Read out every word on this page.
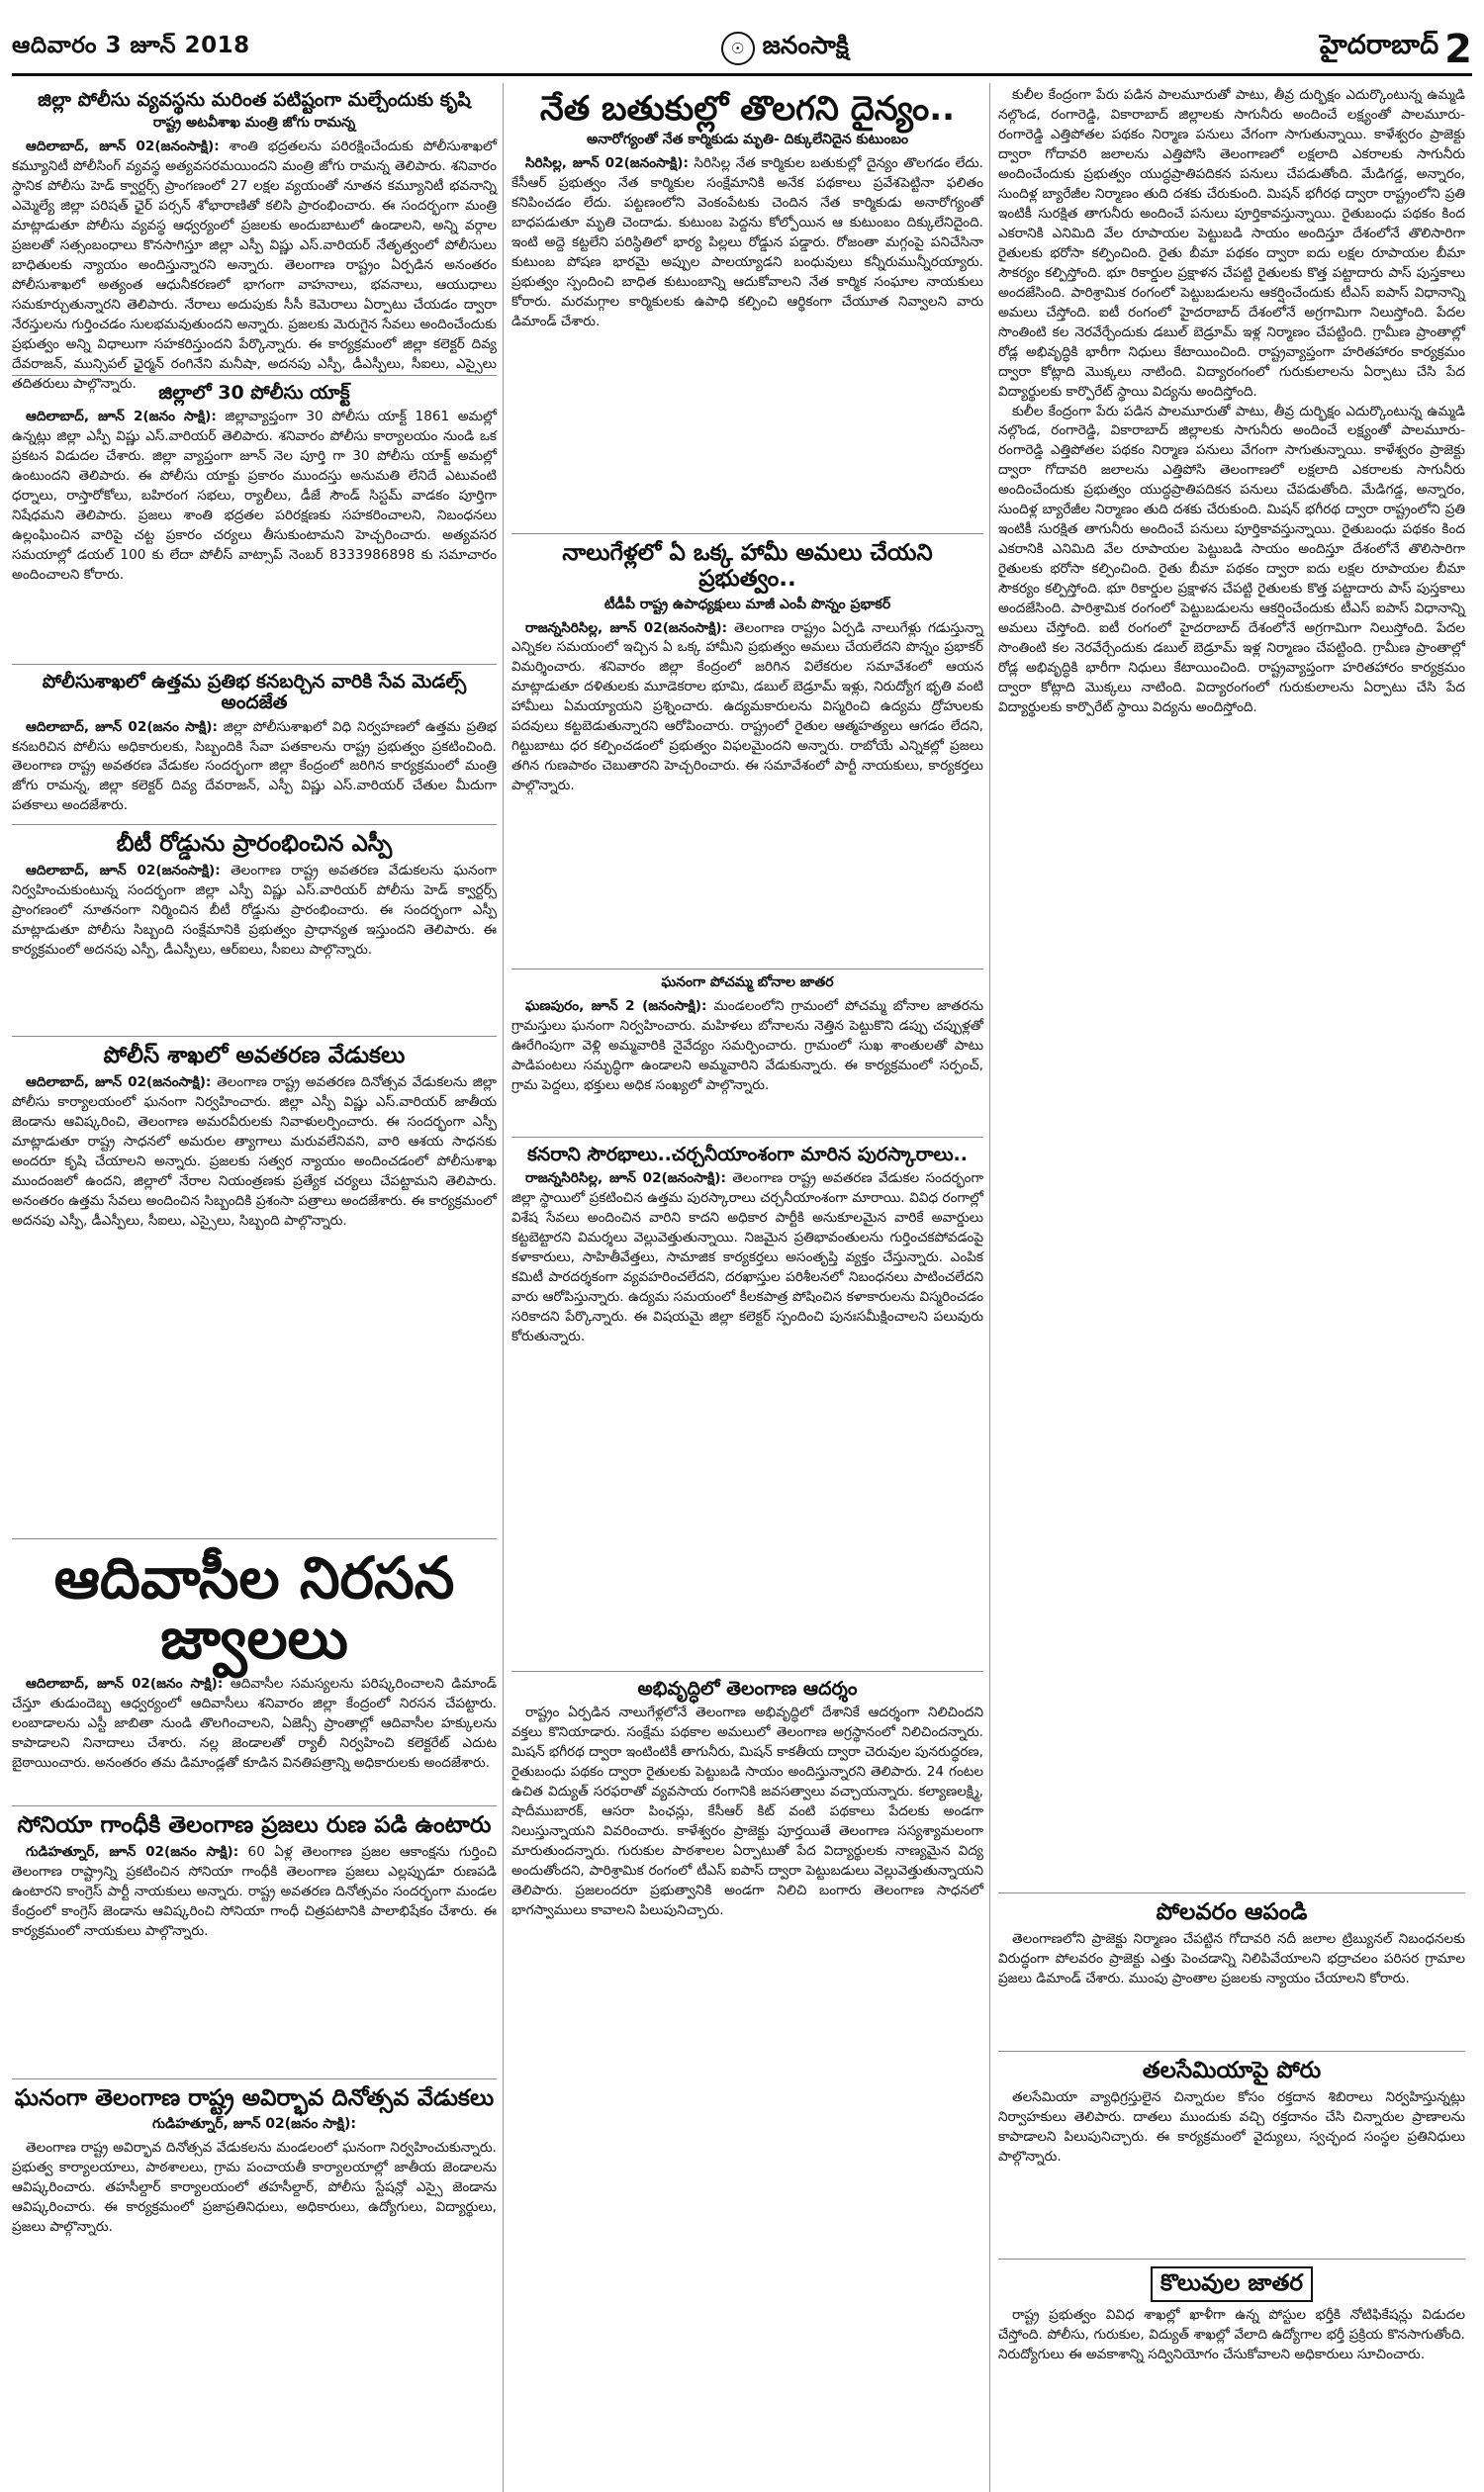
ఆదివారం 3 జూన్ 2018	☉ జనంసాక్షి	హైదరాబాద్ 2
జిల్లా పోలీసు వ్యవస్థను మరింత పటిష్టంగా మల్చేందుకు కృషి
రాష్ట్ర అటవీశాఖ మంత్రి జోగు రామన్న

ఆదిలాబాద్, జూన్ 02(జనంసాక్షి): శాంతి భద్రతలను పరిరక్షించేందుకు పోలీసుశాఖలో కమ్యూనిటీ పోలీసింగ్ వ్యవస్థ అత్యవసరమయిందని మంత్రి జోగు రామన్న తెలిపారు. శనివారం స్థానిక పోలీసు హెడ్ క్వార్టర్స్ ప్రాంగణంలో 27 లక్షల వ్యయంతో నూతన కమ్యూనిటీ భవనాన్ని ఎమ్మెల్యే జిల్లా పరిషత్ ఛైర్ పర్సన్ శోభారాణితో కలిసి ప్రారంభించారు. ఈ సందర్భంగా మంత్రి మాట్లాడుతూ పోలీసు వ్యవస్థ ఆధ్వర్యంలో ప్రజలకు అందుబాటులో ఉండాలని, అన్ని వర్గాల ప్రజలతో సత్సంబంధాలు కొనసాగిస్తూ జిల్లా ఎస్పీ విష్ణు ఎస్.వారియర్ నేతృత్వంలో పోలీసులు బాధితులకు న్యాయం అందిస్తున్నారని అన్నారు. తెలంగాణ రాష్ట్రం ఏర్పడిన అనంతరం పోలీసుశాఖలో అత్యంత ఆధునీకరణలో భాగంగా వాహనాలు, భవనాలు, ఆయుధాలు సమకూర్చుతున్నారని తెలిపారు. నేరాలు అదుపుకు సీసీ కెమెరాలు ఏర్పాటు చేయడం ద్వారా నేరస్తులను గుర్తించడం సులభమవుతుందని అన్నారు. ప్రజలకు మెరుగైన సేవలు అందించేందుకు ప్రభుత్వం అన్ని విధాలుగా సహకరిస్తుందని పేర్కొన్నారు. ఈ కార్యక్రమంలో జిల్లా కలెక్టర్ దివ్య దేవరాజన్, మున్సిపల్ ఛైర్మన్ రంగినేని మనీషా, అదనపు ఎస్పీ, డీఎస్పీలు, సీఐలు, ఎస్సైలు తదితరులు పాల్గొన్నారు.	జిల్లాలో 30 పోలీసు యాక్ట్

ఆదిలాబాద్, జూన్ 2(జనం సాక్షి): జిల్లావ్యాప్తంగా 30 పోలీసు యాక్ట్ 1861 అమల్లో ఉన్నట్లు జిల్లా ఎస్పీ విష్ణు ఎస్.వారియర్ తెలిపారు. శనివారం పోలీసు కార్యాలయం నుండి ఒక ప్రకటన విడుదల చేశారు. జిల్లా వ్యాప్తంగా జూన్ నెల పూర్తి గా 30 పోలీసు యాక్ట్ అమల్లో ఉంటుందని తెలిపారు. ఈ పోలీసు యాక్టు ప్రకారం ముందస్తు అనుమతి లేనిదే ఎటువంటి ధర్నాలు, రాస్తారోకోలు, బహిరంగ సభలు, ర్యాలీలు, డీజే సౌండ్ సిస్టమ్ వాడకం పూర్తిగా నిషేధమని తెలిపారు. ప్రజలు శాంతి భద్రతల పరిరక్షణకు సహకరించాలని, నిబంధనలు ఉల్లంఘించిన వారిపై చట్ట ప్రకారం చర్యలు తీసుకుంటామని హెచ్చరించారు. అత్యవసర సమయాల్లో డయల్ 100 కు లేదా పోలీస్ వాట్సాప్ నెంబర్ 8333986898 కు సమాచారం అందించాలని కోరారు.

పోలీసుశాఖలో ఉత్తమ ప్రతిభ కనబర్చిన వారికి సేవ మెడల్స్ అందజేత

ఆదిలాబాద్, జూన్ 02(జనం సాక్షి): జిల్లా పోలీసుశాఖలో విధి నిర్వహణలో ఉత్తమ ప్రతిభ కనబరిచిన పోలీసు అధికారులకు, సిబ్బందికి సేవా పతకాలను రాష్ట్ర ప్రభుత్వం ప్రకటించింది. తెలంగాణ రాష్ట్ర అవతరణ వేడుకల సందర్భంగా జిల్లా కేంద్రంలో జరిగిన కార్యక్రమంలో మంత్రి జోగు రామన్న, జిల్లా కలెక్టర్ దివ్య దేవరాజన్, ఎస్పీ విష్ణు ఎస్.వారియర్ చేతుల మీదుగా పతకాలు అందజేశారు.

బీటీ రోడ్డును ప్రారంభించిన ఎస్పీ

ఆదిలాబాద్, జూన్ 02(జనంసాక్షి): తెలంగాణ రాష్ట్ర అవతరణ వేడుకలను ఘనంగా నిర్వహించుకుంటున్న సందర్భంగా జిల్లా ఎస్పీ విష్ణు ఎస్.వారియర్ పోలీసు హెడ్ క్వార్టర్స్ ప్రాంగణంలో నూతనంగా నిర్మించిన బీటీ రోడ్డును ప్రారంభించారు. ఈ సందర్భంగా ఎస్పీ మాట్లాడుతూ పోలీసు సిబ్బంది సంక్షేమానికి ప్రభుత్వం ప్రాధాన్యత ఇస్తుందని తెలిపారు. ఈ కార్యక్రమంలో అదనపు ఎస్పీ, డీఎస్పీలు, ఆర్ఐలు, సీఐలు పాల్గొన్నారు.

పోలీస్ శాఖలో అవతరణ వేడుకలు

ఆదిలాబాద్, జూన్ 02(జనంసాక్షి): తెలంగాణ రాష్ట్ర అవతరణ దినోత్సవ వేడుకలను జిల్లా పోలీసు కార్యాలయంలో ఘనంగా నిర్వహించారు. జిల్లా ఎస్పీ విష్ణు ఎస్.వారియర్ జాతీయ జెండాను ఆవిష్కరించి, తెలంగాణ అమరవీరులకు నివాళులర్పించారు. ఈ సందర్భంగా ఎస్పీ మాట్లాడుతూ రాష్ట్ర సాధనలో అమరుల త్యాగాలు మరువలేనివని, వారి ఆశయ సాధనకు అందరూ కృషి చేయాలని అన్నారు. ప్రజలకు సత్వర న్యాయం అందించడంలో పోలీసుశాఖ ముందంజలో ఉందని, జిల్లాలో నేరాల నియంత్రణకు ప్రత్యేక చర్యలు చేపట్టామని తెలిపారు. అనంతరం ఉత్తమ సేవలు అందించిన సిబ్బందికి ప్రశంసా పత్రాలు అందజేశారు. ఈ కార్యక్రమంలో అదనపు ఎస్పీ, డీఎస్పీలు, సీఐలు, ఎస్సైలు, సిబ్బంది పాల్గొన్నారు.

ఆదివాసీల నిరసన జ్వాలలు

ఆదిలాబాద్, జూన్ 02(జనం సాక్షి): ఆదివాసీల సమస్యలను పరిష్కరించాలని డిమాండ్ చేస్తూ తుడుందెబ్బ ఆధ్వర్యంలో ఆదివాసీలు శనివారం జిల్లా కేంద్రంలో నిరసన చేపట్టారు. లంబాడాలను ఎస్టీ జాబితా నుండి తొలగించాలని, ఏజెన్సీ ప్రాంతాల్లో ఆదివాసీల హక్కులను కాపాడాలని నినాదాలు చేశారు. నల్ల జెండాలతో ర్యాలీ నిర్వహించి కలెక్టరేట్ ఎదుట బైఠాయించారు. అనంతరం తమ డిమాండ్లతో కూడిన వినతిపత్రాన్ని అధికారులకు అందజేశారు.

సోనియా గాంధీకి తెలంగాణ ప్రజలు రుణ పడి ఉంటారు

గుడిహత్నూర్, జూన్ 02(జనం సాక్షి): 60 ఏళ్ల తెలంగాణ ప్రజల ఆకాంక్షను గుర్తించి తెలంగాణ రాష్ట్రాన్ని ప్రకటించిన సోనియా గాంధీకి తెలంగాణ ప్రజలు ఎల్లప్పుడూ రుణపడి ఉంటారని కాంగ్రెస్ పార్టీ నాయకులు అన్నారు. రాష్ట్ర అవతరణ దినోత్సవం సందర్భంగా మండల కేంద్రంలో కాంగ్రెస్ జెండాను ఆవిష్కరించి సోనియా గాంధీ చిత్రపటానికి పాలాభిషేకం చేశారు. ఈ కార్యక్రమంలో నాయకులు పాల్గొన్నారు.

ఘనంగా తెలంగాణ రాష్ట్ర అవిర్భావ దినోత్సవ వేడుకలు
గుడిహత్నూర్, జూన్ 02(జనం సాక్షి):

తెలంగాణ రాష్ట్ర అవిర్భావ దినోత్సవ వేడుకలను మండలంలో ఘనంగా నిర్వహించుకున్నారు. ప్రభుత్వ కార్యాలయాలు, పాఠశాలలు, గ్రామ పంచాయతీ కార్యాలయాల్లో జాతీయ జెండాలను ఆవిష్కరించారు. తహసీల్దార్ కార్యాలయంలో తహసీల్దార్, పోలీసు స్టేషన్లో ఎస్సై జెండాను ఆవిష్కరించారు. ఈ కార్యక్రమంలో ప్రజాప్రతినిధులు, అధికారులు, ఉద్యోగులు, విద్యార్థులు, ప్రజలు పాల్గొన్నారు.

నేత బతుకుల్లో తొలగని దైన్యం..
అనారోగ్యంతో నేత కార్మికుడు మృతి- దిక్కులేనిదైన కుటుంబం

సిరిసిల్ల, జూన్ 02(జనంసాక్షి): సిరిసిల్ల నేత కార్మికుల బతుకుల్లో దైన్యం తొలగడం లేదు. కేసీఆర్ ప్రభుత్వం నేత కార్మికుల సంక్షేమానికి అనేక పథకాలు ప్రవేశపెట్టినా ఫలితం కనిపించడం లేదు. పట్టణంలోని వెంకంపేటకు చెందిన నేత కార్మికుడు అనారోగ్యంతో బాధపడుతూ మృతి చెందాడు. కుటుంబ పెద్దను కోల్పోయిన ఆ కుటుంబం దిక్కులేనిదైంది. ఇంటి అద్దె కట్టలేని పరిస్థితిలో భార్య పిల్లలు రోడ్డున పడ్డారు. రోజంతా మగ్గంపై పనిచేసినా కుటుంబ పోషణ భారమై అప్పుల పాలయ్యాడని బంధువులు కన్నీరుమున్నీరయ్యారు. ప్రభుత్వం స్పందించి బాధిత కుటుంబాన్ని ఆదుకోవాలని నేత కార్మిక సంఘాల నాయకులు కోరారు. మరమగ్గాల కార్మికులకు ఉపాధి కల్పించి ఆర్థికంగా చేయూత నివ్వాలని వారు డిమాండ్ చేశారు.

నాలుగేళ్లలో ఏ ఒక్క హామీ అమలు చేయని ప్రభుత్వం..
టీడీపీ రాష్ట్ర ఉపాధ్యక్షులు మాజీ ఎంపీ పొన్నం ప్రభాకర్

రాజన్నసిరిసిల్ల, జూన్ 02(జనంసాక్షి): తెలంగాణ రాష్ట్రం ఏర్పడి నాలుగేళ్లు గడుస్తున్నా ఎన్నికల సమయంలో ఇచ్చిన ఏ ఒక్క హామీని ప్రభుత్వం అమలు చేయలేదని పొన్నం ప్రభాకర్ విమర్శించారు. శనివారం జిల్లా కేంద్రంలో జరిగిన విలేకరుల సమావేశంలో ఆయన మాట్లాడుతూ దళితులకు మూడెకరాల భూమి, డబుల్ బెడ్రూమ్ ఇళ్లు, నిరుద్యోగ భృతి వంటి హామీలు ఏమయ్యాయని ప్రశ్నించారు. ఉద్యమకారులను విస్మరించి ఉద్యమ ద్రోహులకు పదవులు కట్టబెడుతున్నారని ఆరోపించారు. రాష్ట్రంలో రైతుల ఆత్మహత్యలు ఆగడం లేదని, గిట్టుబాటు ధర కల్పించడంలో ప్రభుత్వం విఫలమైందని అన్నారు. రాబోయే ఎన్నికల్లో ప్రజలు తగిన గుణపాఠం చెబుతారని హెచ్చరించారు. ఈ సమావేశంలో పార్టీ నాయకులు, కార్యకర్తలు పాల్గొన్నారు.

ఘనంగా పోచమ్మ బోనాల జాతర

ఘణపురం, జూన్ 2 (జనంసాక్షి): మండలంలోని గ్రామంలో పోచమ్మ బోనాల జాతరను గ్రామస్తులు ఘనంగా నిర్వహించారు. మహిళలు బోనాలను నెత్తిన పెట్టుకొని డప్పు చప్పుళ్లతో ఊరేగింపుగా వెళ్లి అమ్మవారికి నైవేద్యం సమర్పించారు. గ్రామంలో సుఖ శాంతులతో పాటు పాడిపంటలు సమృద్ధిగా ఉండాలని అమ్మవారిని వేడుకున్నారు. ఈ కార్యక్రమంలో సర్పంచ్, గ్రామ పెద్దలు, భక్తులు అధిక సంఖ్యలో పాల్గొన్నారు.

కనరాని సౌరభాలు..చర్చనీయాంశంగా మారిన పురస్కారాలు..

రాజన్నసిరిసిల్ల, జూన్ 02(జనంసాక్షి): తెలంగాణ రాష్ట్ర అవతరణ వేడుకల సందర్భంగా జిల్లా స్థాయిలో ప్రకటించిన ఉత్తమ పురస్కారాలు చర్చనీయాంశంగా మారాయి. వివిధ రంగాల్లో విశేష సేవలు అందించిన వారిని కాదని అధికార పార్టీకి అనుకూలమైన వారికే అవార్డులు కట్టబెట్టారని విమర్శలు వెల్లువెత్తుతున్నాయి. నిజమైన ప్రతిభావంతులను గుర్తించకపోవడంపై కళాకారులు, సాహితీవేత్తలు, సామాజిక కార్యకర్తలు అసంతృప్తి వ్యక్తం చేస్తున్నారు. ఎంపిక కమిటీ పారదర్శకంగా వ్యవహరించలేదని, దరఖాస్తుల పరిశీలనలో నిబంధనలు పాటించలేదని వారు ఆరోపిస్తున్నారు. ఉద్యమ సమయంలో కీలకపాత్ర పోషించిన కళాకారులను విస్మరించడం సరికాదని పేర్కొన్నారు. ఈ విషయమై జిల్లా కలెక్టర్ స్పందించి పునఃసమీక్షించాలని పలువురు కోరుతున్నారు.

అభివృద్ధిలో తెలంగాణ ఆదర్శం

రాష్ట్రం ఏర్పడిన నాలుగేళ్లలోనే తెలంగాణ అభివృద్ధిలో దేశానికే ఆదర్శంగా నిలిచిందని వక్తలు కొనియాడారు. సంక్షేమ పథకాల అమలులో తెలంగాణ అగ్రస్థానంలో నిలిచిందన్నారు. మిషన్ భగీరథ ద్వారా ఇంటింటికీ తాగునీరు, మిషన్ కాకతీయ ద్వారా చెరువుల పునరుద్ధరణ, రైతుబంధు పథకం ద్వారా రైతులకు పెట్టుబడి సాయం అందిస్తున్నారని తెలిపారు. 24 గంటల ఉచిత విద్యుత్ సరఫరాతో వ్యవసాయ రంగానికి జవసత్వాలు వచ్చాయన్నారు. కల్యాణలక్ష్మి, షాదీముబారక్, ఆసరా పింఛన్లు, కేసీఆర్ కిట్ వంటి పథకాలు పేదలకు అండగా నిలుస్తున్నాయని వివరించారు. కాళేశ్వరం ప్రాజెక్టు పూర్తయితే తెలంగాణ సస్యశ్యామలంగా మారుతుందన్నారు. గురుకుల పాఠశాలల ఏర్పాటుతో పేద విద్యార్థులకు నాణ్యమైన విద్య అందుతోందని, పారిశ్రామిక రంగంలో టీఎస్ ఐపాస్ ద్వారా పెట్టుబడులు వెల్లువెత్తుతున్నాయని తెలిపారు. ప్రజలందరూ ప్రభుత్వానికి అండగా నిలిచి బంగారు తెలంగాణ సాధనలో భాగస్వాములు కావాలని పిలుపునిచ్చారు.

కులీల కేంద్రంగా పేరు పడిన పాలమూరుతో పాటు, తీవ్ర దుర్భిక్షం ఎదుర్కొంటున్న ఉమ్మడి నల్గొండ, రంగారెడ్డి, వికారాబాద్ జిల్లాలకు సాగునీరు అందించే లక్ష్యంతో పాలమూరు-రంగారెడ్డి ఎత్తిపోతల పథకం నిర్మాణ పనులు వేగంగా సాగుతున్నాయి. కాళేశ్వరం ప్రాజెక్టు ద్వారా గోదావరి జలాలను ఎత్తిపోసి తెలంగాణలో లక్షలాది ఎకరాలకు సాగునీరు అందించేందుకు ప్రభుత్వం యుద్ధప్రాతిపదికన పనులు చేపడుతోంది. మేడిగడ్డ, అన్నారం, సుందిళ్ల బ్యారేజీల నిర్మాణం తుది దశకు చేరుకుంది. మిషన్ భగీరథ ద్వారా రాష్ట్రంలోని ప్రతి ఇంటికీ సురక్షిత తాగునీరు అందించే పనులు పూర్తికావస్తున్నాయి. రైతుబంధు పథకం కింద ఎకరానికి ఎనిమిది వేల రూపాయల పెట్టుబడి సాయం అందిస్తూ దేశంలోనే తొలిసారిగా రైతులకు భరోసా కల్పించింది. రైతు బీమా పథకం ద్వారా ఐదు లక్షల రూపాయల బీమా సౌకర్యం కల్పిస్తోంది. భూ రికార్డుల ప్రక్షాళన చేపట్టి రైతులకు కొత్త పట్టాదారు పాస్ పుస్తకాలు అందజేసింది. పారిశ్రామిక రంగంలో పెట్టుబడులను ఆకర్షించేందుకు టీఎస్ ఐపాస్ విధానాన్ని అమలు చేస్తోంది. ఐటీ రంగంలో హైదరాబాద్ దేశంలోనే అగ్రగామిగా నిలుస్తోంది. పేదల సొంతింటి కల నెరవేర్చేందుకు డబుల్ బెడ్రూమ్ ఇళ్ల నిర్మాణం చేపట్టింది. గ్రామీణ ప్రాంతాల్లో రోడ్ల అభివృద్ధికి భారీగా నిధులు కేటాయించింది. రాష్ట్రవ్యాప్తంగా హరితహారం కార్యక్రమం ద్వారా కోట్లాది మొక్కలు నాటింది. విద్యారంగంలో గురుకులాలను ఏర్పాటు చేసి పేద విద్యార్థులకు కార్పొరేట్ స్థాయి విద్యను అందిస్తోంది.

కులీల కేంద్రంగా పేరు పడిన పాలమూరుతో పాటు, తీవ్ర దుర్భిక్షం ఎదుర్కొంటున్న ఉమ్మడి నల్గొండ, రంగారెడ్డి, వికారాబాద్ జిల్లాలకు సాగునీరు అందించే లక్ష్యంతో పాలమూరు-రంగారెడ్డి ఎత్తిపోతల పథకం నిర్మాణ పనులు వేగంగా సాగుతున్నాయి. కాళేశ్వరం ప్రాజెక్టు ద్వారా గోదావరి జలాలను ఎత్తిపోసి తెలంగాణలో లక్షలాది ఎకరాలకు సాగునీరు అందించేందుకు ప్రభుత్వం యుద్ధప్రాతిపదికన పనులు చేపడుతోంది. మేడిగడ్డ, అన్నారం, సుందిళ్ల బ్యారేజీల నిర్మాణం తుది దశకు చేరుకుంది. మిషన్ భగీరథ ద్వారా రాష్ట్రంలోని ప్రతి ఇంటికీ సురక్షిత తాగునీరు అందించే పనులు పూర్తికావస్తున్నాయి. రైతుబంధు పథకం కింద ఎకరానికి ఎనిమిది వేల రూపాయల పెట్టుబడి సాయం అందిస్తూ దేశంలోనే తొలిసారిగా రైతులకు భరోసా కల్పించింది. రైతు బీమా పథకం ద్వారా ఐదు లక్షల రూపాయల బీమా సౌకర్యం కల్పిస్తోంది. భూ రికార్డుల ప్రక్షాళన చేపట్టి రైతులకు కొత్త పట్టాదారు పాస్ పుస్తకాలు అందజేసింది. పారిశ్రామిక రంగంలో పెట్టుబడులను ఆకర్షించేందుకు టీఎస్ ఐపాస్ విధానాన్ని అమలు చేస్తోంది. ఐటీ రంగంలో హైదరాబాద్ దేశంలోనే అగ్రగామిగా నిలుస్తోంది. పేదల సొంతింటి కల నెరవేర్చేందుకు డబుల్ బెడ్రూమ్ ఇళ్ల నిర్మాణం చేపట్టింది. గ్రామీణ ప్రాంతాల్లో రోడ్ల అభివృద్ధికి భారీగా నిధులు కేటాయించింది. రాష్ట్రవ్యాప్తంగా హరితహారం కార్యక్రమం ద్వారా కోట్లాది మొక్కలు నాటింది. విద్యారంగంలో గురుకులాలను ఏర్పాటు చేసి పేద విద్యార్థులకు కార్పొరేట్ స్థాయి విద్యను అందిస్తోంది.

పోలవరం ఆపండి

తెలంగాణలోని ప్రాజెక్టు నిర్మాణం చేపట్టిన గోదావరి నదీ జలాల ట్రిబ్యునల్ నిబంధనలకు విరుద్ధంగా పోలవరం ప్రాజెక్టు ఎత్తు పెంచడాన్ని నిలిపివేయాలని భద్రాచలం పరిసర గ్రామాల ప్రజలు డిమాండ్ చేశారు. ముంపు ప్రాంతాల ప్రజలకు న్యాయం చేయాలని కోరారు.

తలసేమియాపై పోరు

తలసేమియా వ్యాధిగ్రస్తులైన చిన్నారుల కోసం రక్తదాన శిబిరాలు నిర్వహిస్తున్నట్లు నిర్వాహకులు తెలిపారు. దాతలు ముందుకు వచ్చి రక్తదానం చేసి చిన్నారుల ప్రాణాలను కాపాడాలని పిలుపునిచ్చారు. ఈ కార్యక్రమంలో వైద్యులు, స్వచ్ఛంద సంస్థల ప్రతినిధులు పాల్గొన్నారు.

కొలువుల జాతర

రాష్ట్ర ప్రభుత్వం వివిధ శాఖల్లో ఖాళీగా ఉన్న పోస్టుల భర్తీకి నోటిఫికేషన్లు విడుదల చేస్తోంది. పోలీసు, గురుకుల, విద్యుత్ శాఖల్లో వేలాది ఉద్యోగాల భర్తీ ప్రక్రియ కొనసాగుతోంది. నిరుద్యోగులు ఈ అవకాశాన్ని సద్వినియోగం చేసుకోవాలని అధికారులు సూచించారు.
